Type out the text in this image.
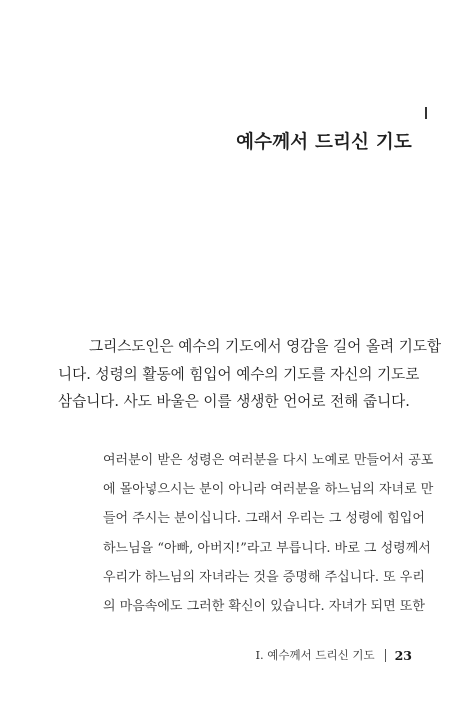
예수께서 드리신 기도

그리스도인은 예수의 기도에서 영감을 길어 올려 기도합

니다. 성령의 활동에 힘입어 예수의 기도를 자신의 기도로

삼습니다. 사도 바울은 이를 생생한 언어로 전해 줍니다.

여러분이 받은 성령은 여러분을 다시 노예로 만들어서 공포

에 몰아넣으시는 분이 아니라 여러분을 하느님의 자녀로 만

들어 주시는 분이십니다. 그래서 우리는 그 성령에 힘입어

하느님을 “아빠, 아버지!”라고 부릅니다. 바로 그 성령께서

우리가 하느님의 자녀라는 것을 증명해 주십니다. 또 우리

의 마음속에도 그러한 확신이 있습니다. 자녀가 되면 또한

I. 예수께서 드리신 기도 23
